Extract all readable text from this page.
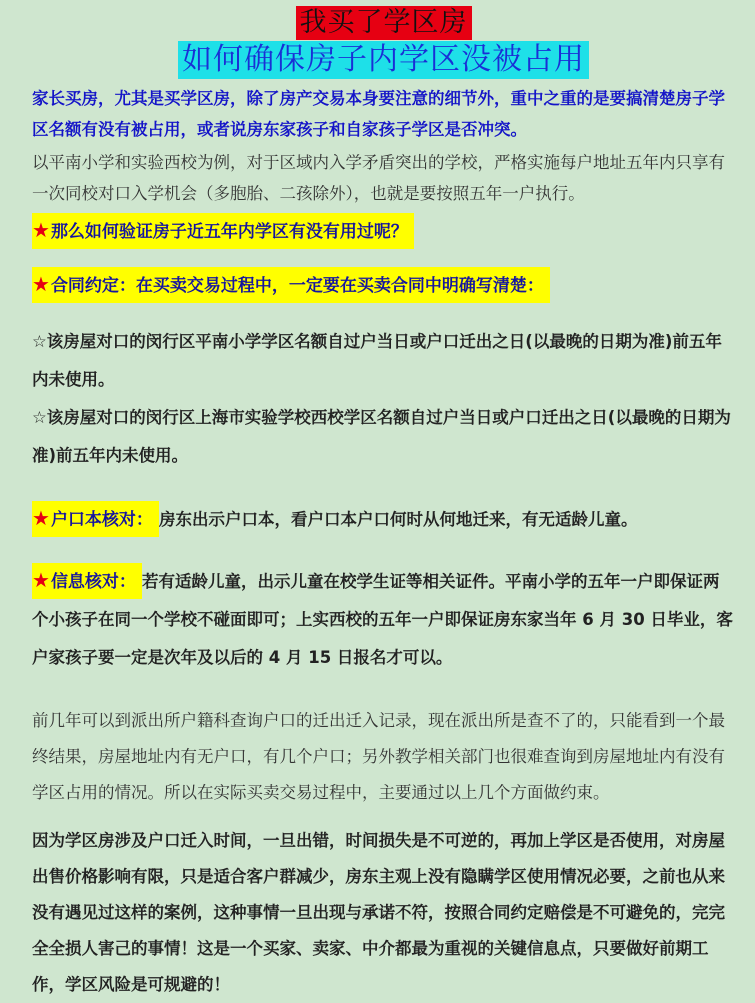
我买了学区房
如何确保房子内学区没被占用
家长买房，尤其是买学区房，除了房产交易本身要注意的细节外，重中之重的是要搞清楚房子学区名额有没有被占用，或者说房东家孩子和自家孩子学区是否冲突。
以平南小学和实验西校为例，对于区域内入学矛盾突出的学校，严格实施每户地址五年内只享有一次同校对口入学机会（多胞胎、二孩除外），也就是要按照五年一户执行。
★那么如何验证房子近五年内学区有没有用过呢？
★合同约定：在买卖交易过程中，一定要在买卖合同中明确写清楚：
☆该房屋对口的闵行区平南小学学区名额自过户当日或户口迁出之日(以最晚的日期为准)前五年内未使用。
☆该房屋对口的闵行区上海市实验学校西校学区名额自过户当日或户口迁出之日(以最晚的日期为准)前五年内未使用。
★户口本核对： 房东出示户口本，看户口本户口何时从何地迁来，有无适龄儿童。
★信息核对： 若有适龄儿童，出示儿童在校学生证等相关证件。平南小学的五年一户即保证两个小孩子在同一个学校不碰面即可；上实西校的五年一户即保证房东家当年 6 月 30 日毕业，客户家孩子要一定是次年及以后的 4 月 15 日报名才可以。
前几年可以到派出所户籍科查询户口的迁出迁入记录，现在派出所是查不了的，只能看到一个最终结果，房屋地址内有无户口，有几个户口；另外教学相关部门也很难查询到房屋地址内有没有学区占用的情况。所以在实际买卖交易过程中，主要通过以上几个方面做约束。
因为学区房涉及户口迁入时间，一旦出错，时间损失是不可逆的，再加上学区是否使用，对房屋出售价格影响有限，只是适合客户群减少，房东主观上没有隐瞒学区使用情况必要，之前也从来没有遇见过这样的案例，这种事情一旦出现与承诺不符，按照合同约定赔偿是不可避免的，完完全全损人害己的事情！这是一个买家、卖家、中介都最为重视的关键信息点，只要做好前期工作，学区风险是可规避的！
